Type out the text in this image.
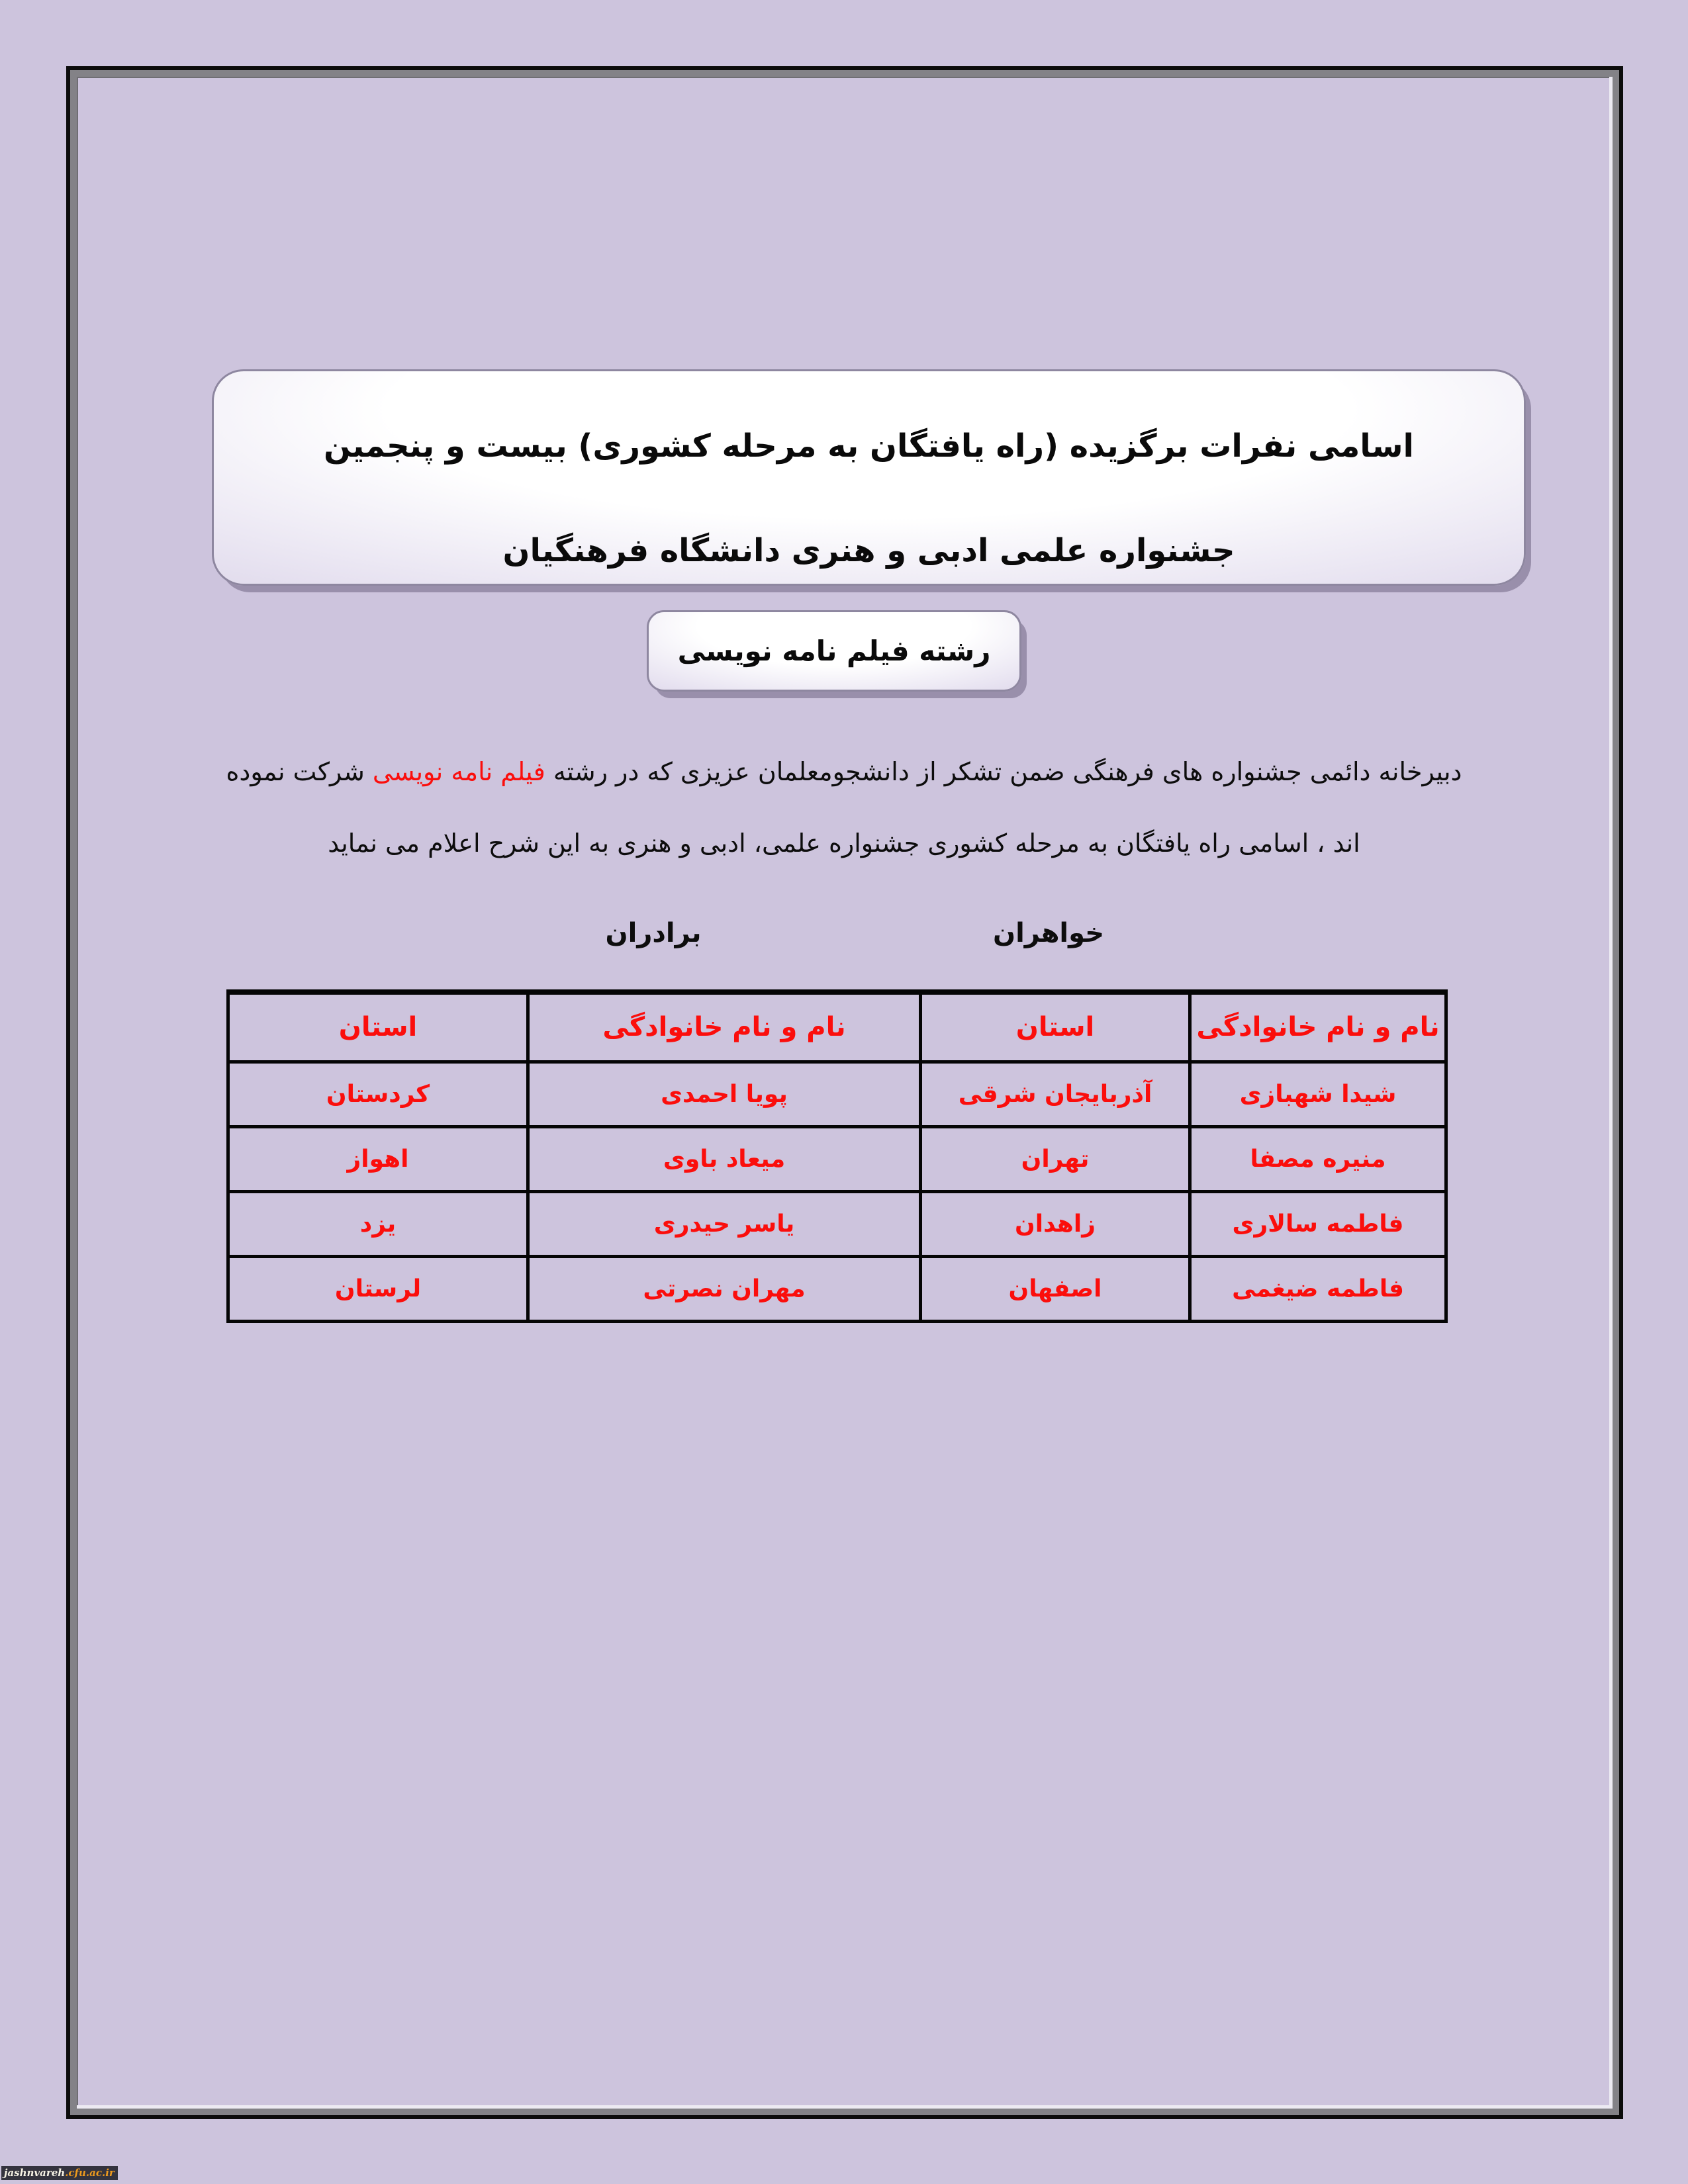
اسامی نفرات برگزیده (راه یافتگان به مرحله کشوری) بیست و پنجمین
جشنواره علمی ادبی و هنری دانشگاه فرهنگیان
رشته فیلم نامه نویسی

دبیرخانه دائمی جشنواره های فرهنگی ضمن تشکر از دانشجومعلمان عزیزی که در رشته فیلم نامه نویسی شرکت نموده

اند ، اسامی راه یافتگان به مرحله کشوری جشنواره علمی، ادبی و هنری به این شرح اعلام می نماید

برادران	خواهران
استان	نام و نام خانوادگی	استان	نام و نام خانوادگی
کردستان	پویا احمدی	آذربایجان شرقی	شیدا شهبازی
اهواز	میعاد باوی	تهران	منیره مصفا
یزد	یاسر حیدری	زاهدان	فاطمه سالاری
لرستان	مهران نصرتی	اصفهان	فاطمه ضیغمی
jashnvareh .cfu.ac.ir
